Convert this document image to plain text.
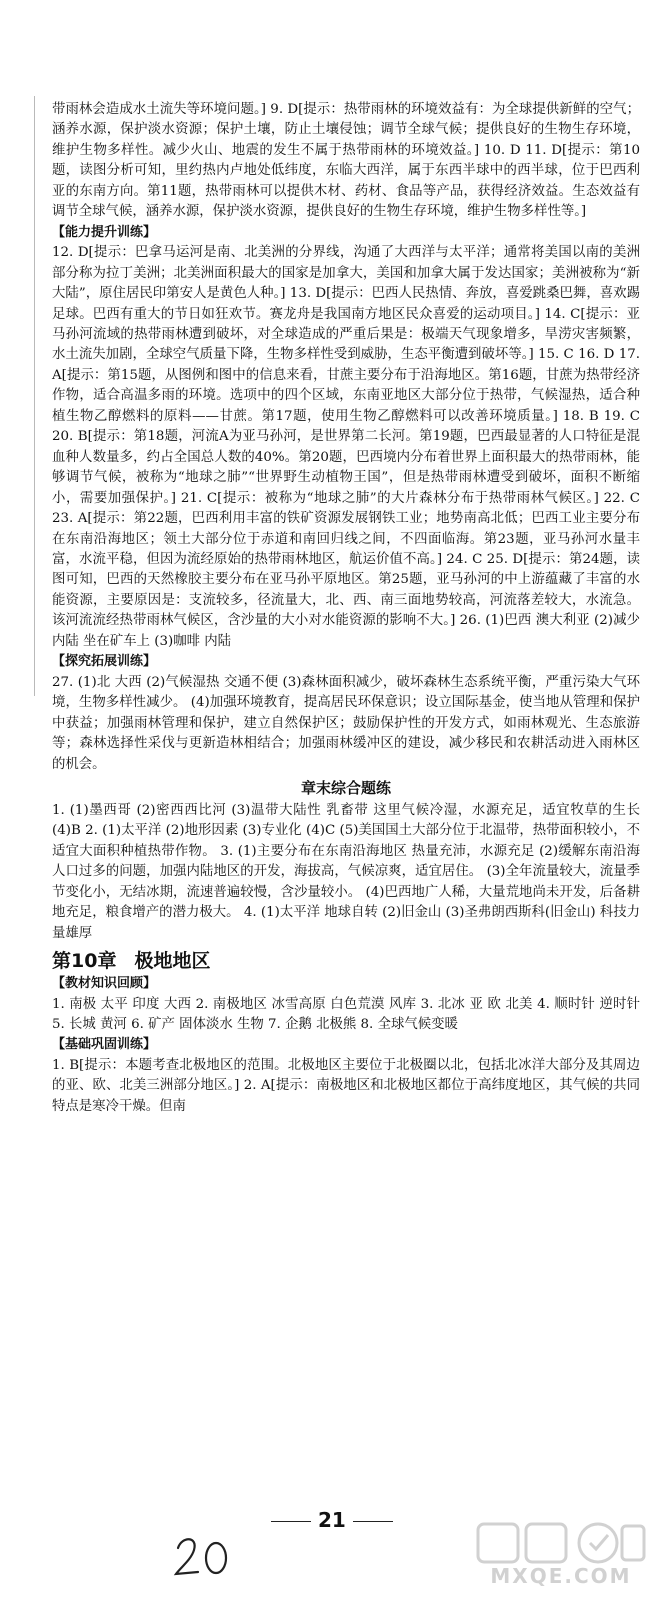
带雨林会造成水土流失等环境问题。] 9. D[提示：热带雨林的环境效益有：为全球提供新鲜的空气；涵养水源，保护淡水资源；保护土壤，防止土壤侵蚀；调节全球气候；提供良好的生物生存环境，维护生物多样性。减少火山、地震的发生不属于热带雨林的环境效益。] 10. D 11. D[提示：第10题，读图分析可知，里约热内卢地处低纬度，东临大西洋，属于东西半球中的西半球，位于巴西利亚的东南方向。第11题，热带雨林可以提供木材、药材、食品等产品，获得经济效益。生态效益有调节全球气候，涵养水源，保护淡水资源，提供良好的生物生存环境，维护生物多样性等。]

【能力提升训练】

12. D[提示：巴拿马运河是南、北美洲的分界线，沟通了大西洋与太平洋；通常将美国以南的美洲部分称为拉丁美洲；北美洲面积最大的国家是加拿大，美国和加拿大属于发达国家；美洲被称为“新大陆”，原住居民印第安人是黄色人种。] 13. D[提示：巴西人民热情、奔放，喜爱跳桑巴舞，喜欢踢足球。巴西有重大的节日如狂欢节。赛龙舟是我国南方地区民众喜爱的运动项目。] 14. C[提示：亚马孙河流域的热带雨林遭到破坏，对全球造成的严重后果是：极端天气现象增多，旱涝灾害频繁，水土流失加剧，全球空气质量下降，生物多样性受到威胁，生态平衡遭到破坏等。] 15. C 16. D 17. A[提示：第15题，从图例和图中的信息来看，甘蔗主要分布于沿海地区。第16题，甘蔗为热带经济作物，适合高温多雨的环境。选项中的四个区域，东南亚地区大部分位于热带，气候湿热，适合种植生物乙醇燃料的原料——甘蔗。第17题，使用生物乙醇燃料可以改善环境质量。] 18. B 19. C 20. B[提示：第18题，河流A为亚马孙河，是世界第二长河。第19题，巴西最显著的人口特征是混血种人数量多，约占全国总人数的40%。第20题，巴西境内分布着世界上面积最大的热带雨林，能够调节气候，被称为“地球之肺”“世界野生动植物王国”，但是热带雨林遭受到破坏，面积不断缩小，需要加强保护。] 21. C[提示：被称为“地球之肺”的大片森林分布于热带雨林气候区。] 22. C 23. A[提示：第22题，巴西利用丰富的铁矿资源发展钢铁工业；地势南高北低；巴西工业主要分布在东南沿海地区；领土大部分位于赤道和南回归线之间，不四面临海。第23题，亚马孙河水量丰富，水流平稳，但因为流经原始的热带雨林地区，航运价值不高。] 24. C 25. D[提示：第24题，读图可知，巴西的天然橡胶主要分布在亚马孙平原地区。第25题，亚马孙河的中上游蕴藏了丰富的水能资源，主要原因是：支流较多，径流量大，北、西、南三面地势较高，河流落差较大，水流急。该河流流经热带雨林气候区，含沙量的大小对水能资源的影响不大。] 26. (1)巴西 澳大利亚 (2)减少 内陆 坐在矿车上 (3)咖啡 内陆

【探究拓展训练】

27. (1)北 大西 (2)气候湿热 交通不便 (3)森林面积减少，破坏森林生态系统平衡，严重污染大气环境，生物多样性减少。 (4)加强环境教育，提高居民环保意识；设立国际基金，使当地从管理和保护中获益；加强雨林管理和保护，建立自然保护区；鼓励保护性的开发方式，如雨林观光、生态旅游等；森林选择性采伐与更新造林相结合；加强雨林缓冲区的建设，减少移民和农耕活动进入雨林区的机会。

章末综合题练

1. (1)墨西哥 (2)密西西比河 (3)温带大陆性 乳畜带 这里气候冷湿，水源充足，适宜牧草的生长 (4)B 2. (1)太平洋 (2)地形因素 (3)专业化 (4)C (5)美国国土大部分位于北温带，热带面积较小，不适宜大面积种植热带作物。 3. (1)主要分布在东南沿海地区 热量充沛，水源充足 (2)缓解东南沿海人口过多的问题，加强内陆地区的开发，海拔高，气候凉爽，适宜居住。 (3)全年流量较大，流量季节变化小，无结冰期，流速普遍较慢，含沙量较小。 (4)巴西地广人稀，大量荒地尚未开发，后备耕地充足，粮食增产的潜力极大。 4. (1)太平洋 地球自转 (2)旧金山 (3)圣弗朗西斯科(旧金山) 科技力量雄厚

第10章 极地地区
【教材知识回顾】

1. 南极 太平 印度 大西 2. 南极地区 冰雪高原 白色荒漠 风库 3. 北冰 亚 欧 北美 4. 顺时针 逆时针 5. 长城 黄河 6. 矿产 固体淡水 生物 7. 企鹅 北极熊 8. 全球气候变暖

【基础巩固训练】

1. B[提示：本题考查北极地区的范围。北极地区主要位于北极圈以北，包括北冰洋大部分及其周边的亚、欧、北美三洲部分地区。] 2. A[提示：南极地区和北极地区都位于高纬度地区，其气候的共同特点是寒冷干燥。但南

21
MXQE.COM
